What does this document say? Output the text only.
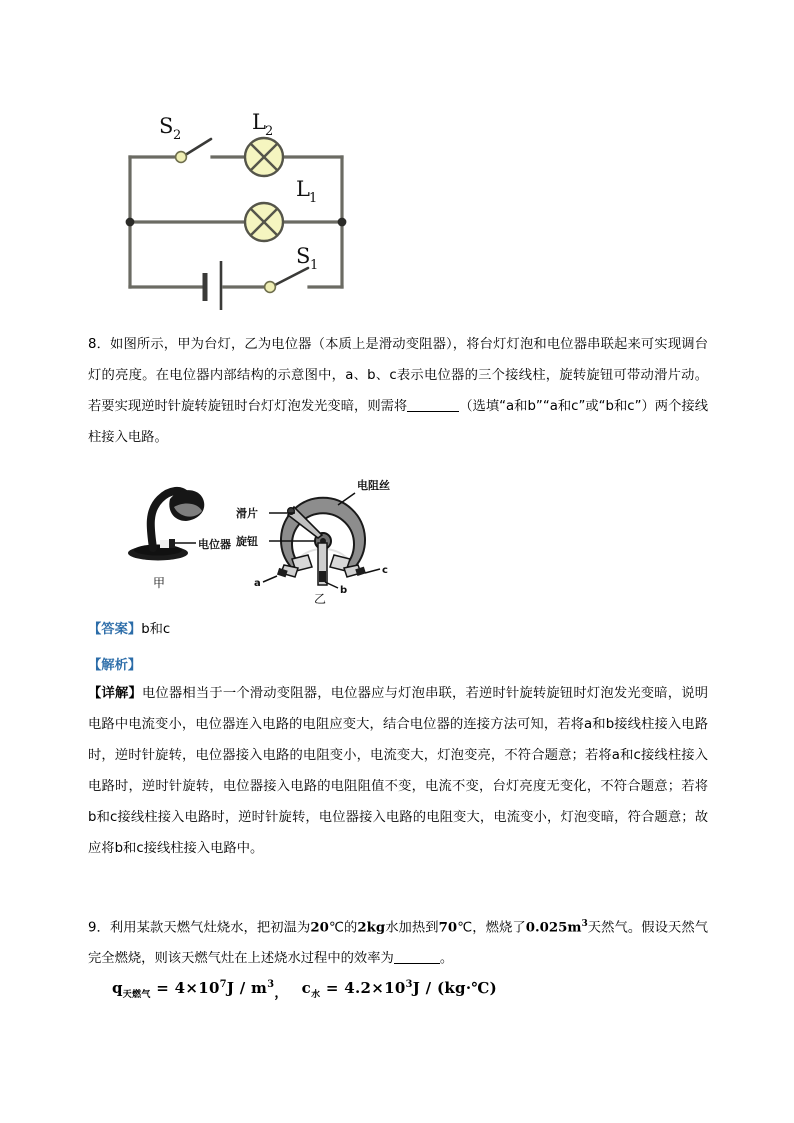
S 2
L 2
L 1
S 1
8．如图所示，甲为台灯，乙为电位器（本质上是滑动变阻器），将台灯灯泡和电位器串联起来可实现调台灯的亮度。在电位器内部结构的示意图中，a、b、c表示电位器的三个接线柱，旋转旋钮可带动滑片动。若要实现逆时针旋转旋钮时台灯灯泡发光变暗，则需将	（选填“a和b”“a和c”或“b和c”）两个接线柱接入电路。
电位器
甲
b
a
c
电阻丝
滑片
旋钮
乙
【答案】b和c
【解析】
【详解】电位器相当于一个滑动变阻器，电位器应与灯泡串联，若逆时针旋转旋钮时灯泡发光变暗，说明电路中电流变小，电位器连入电路的电阻应变大，结合电位器的连接方法可知，若将a和b接线柱接入电路时，逆时针旋转，电位器接入电路的电阻变小，电流变大，灯泡变亮，不符合题意；若将a和c接线柱接入电路时，逆时针旋转，电位器接入电路的电阻阻值不变，电流不变，台灯亮度无变化，不符合题意；若将b和c接线柱接入电路时，逆时针旋转，电位器接入电路的电阻变大，电流变小，灯泡变暗，符合题意；故应将b和c接线柱接入电路中。
9．利用某款天燃气灶烧水，把初温为20℃的2kg水加热到70℃，燃烧了$0.025m^3$天然气。假设天然气完全燃烧，则该天燃气灶在上述烧水过程中的效率为	。
$q_{天燃气} = 4\times 10^7J / m^3$， $c_水 = 4.2\times 10^3J$ / (kg·℃)
